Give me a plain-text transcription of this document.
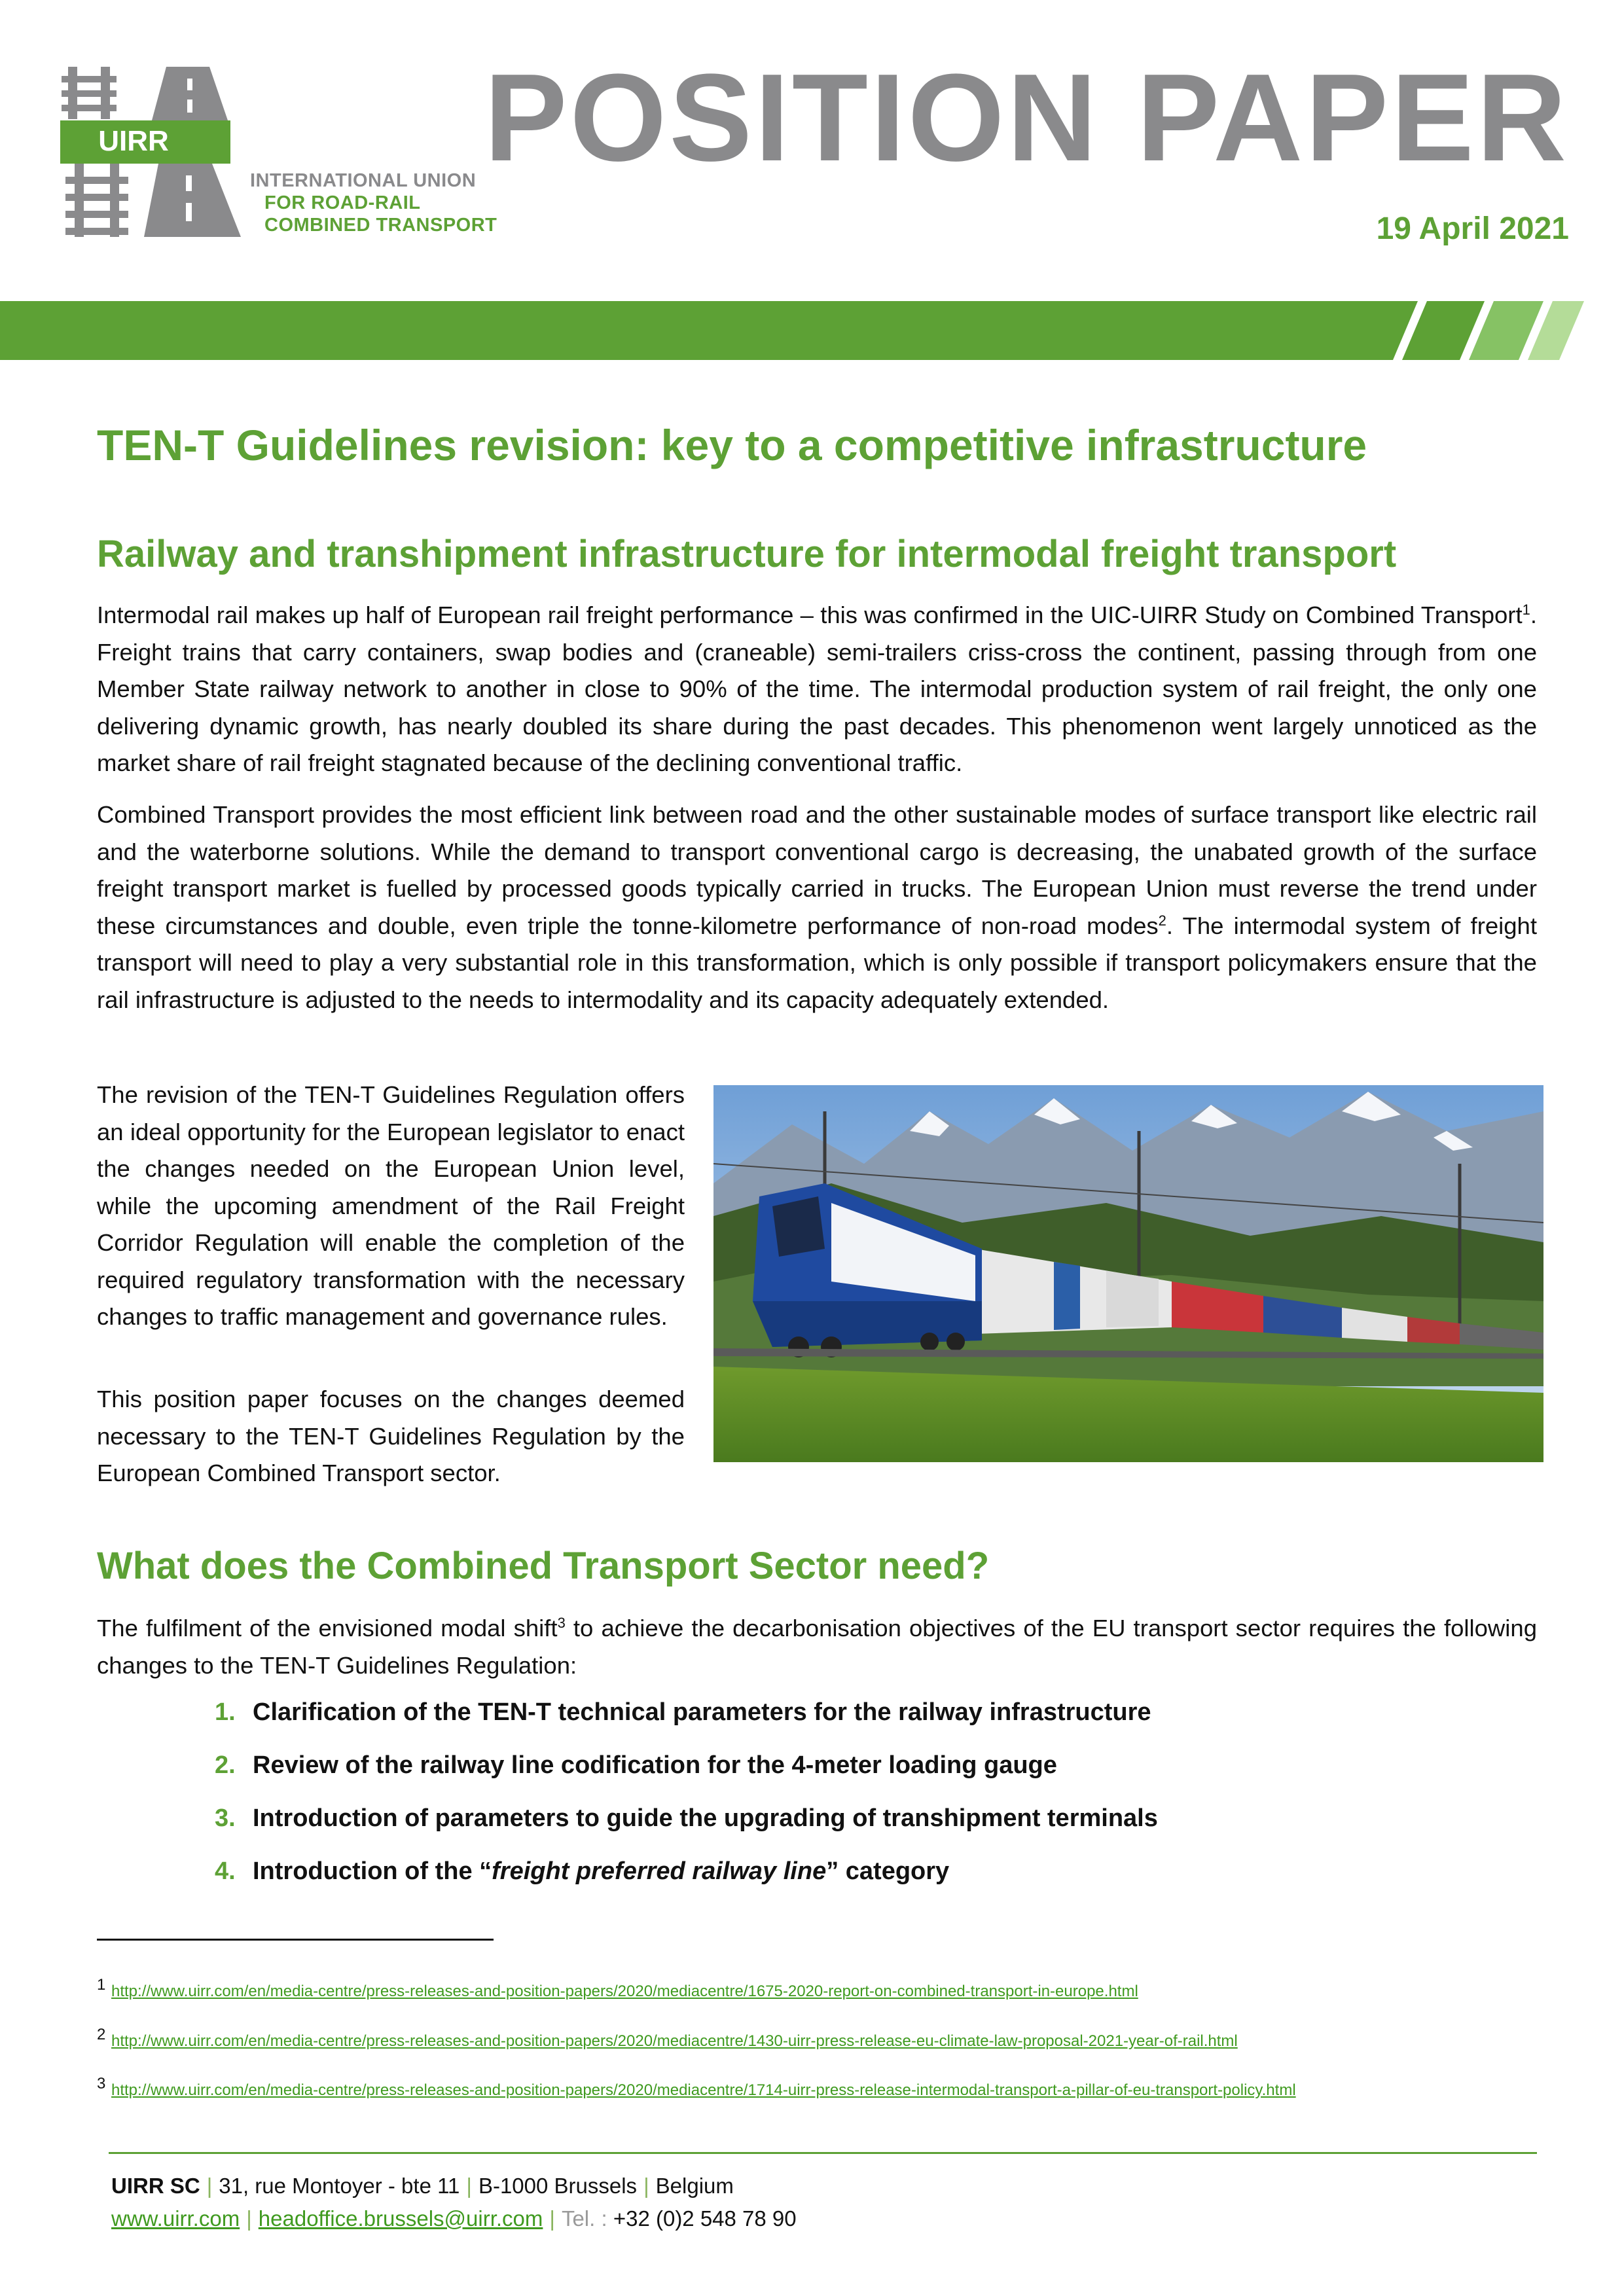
UIRR
INTERNATIONAL UNION
FOR ROAD-RAIL
COMBINED TRANSPORT
POSITION PAPER
19 April 2021
TEN-T Guidelines revision: key to a competitive infrastructure
Railway and transhipment infrastructure for intermodal freight transport

Intermodal rail makes up half of European rail freight performance – this was confirmed in the UIC-UIRR Study on Combined Transport$^1$. Freight trains that carry containers, swap bodies and (craneable) semi-trailers criss-cross the continent, passing through from one Member State railway network to another in close to 90% of the time. The intermodal production system of rail freight, the only one delivering dynamic growth, has nearly doubled its share during the past decades. This phenomenon went largely unnoticed as the market share of rail freight stagnated because of the declining conventional traffic.

Combined Transport provides the most efficient link between road and the other sustainable modes of surface transport like electric rail and the waterborne solutions. While the demand to transport conventional cargo is decreasing, the unabated growth of the surface freight transport market is fuelled by processed goods typically carried in trucks. The European Union must reverse the trend under these circumstances and double, even triple the tonne-kilometre performance of non-road modes$^2$. The intermodal system of freight transport will need to play a very substantial role in this transformation, which is only possible if transport policymakers ensure that the rail infrastructure is adjusted to the needs to intermodality and its capacity adequately extended.

The revision of the TEN-T Guidelines Regulation offers an ideal opportunity for the European legislator to enact the changes needed on the European Union level, while the upcoming amendment of the Rail Freight Corridor Regulation will enable the completion of the required regulatory transformation with the necessary changes to traffic management and governance rules.

This position paper focuses on the changes deemed necessary to the TEN-T Guidelines Regulation by the European Combined Transport sector.

What does the Combined Transport Sector need?

The fulfilment of the envisioned modal shift$^3$ to achieve the decarbonisation objectives of the EU transport sector requires the following changes to the TEN-T Guidelines Regulation:

1. Clarification of the TEN-T technical parameters for the railway infrastructure
2. Review of the railway line codification for the 4-meter loading gauge
3. Introduction of parameters to guide the upgrading of transhipment terminals
4. Introduction of the “freight preferred railway line” category
1 http://www.uirr.com/en/media-centre/press-releases-and-position-papers/2020/mediacentre/1675-2020-report-on-combined-transport-in-europe.html
2 http://www.uirr.com/en/media-centre/press-releases-and-position-papers/2020/mediacentre/1430-uirr-press-release-eu-climate-law-proposal-2021-year-of-rail.html
3 http://www.uirr.com/en/media-centre/press-releases-and-position-papers/2020/mediacentre/1714-uirr-press-release-intermodal-transport-a-pillar-of-eu-transport-policy.html
UIRR SC | 31, rue Montoyer - bte 11 | B-1000 Brussels | Belgium
www.uirr.com | headoffice.brussels@uirr.com | Tel. : +32 (0)2 548 78 90
